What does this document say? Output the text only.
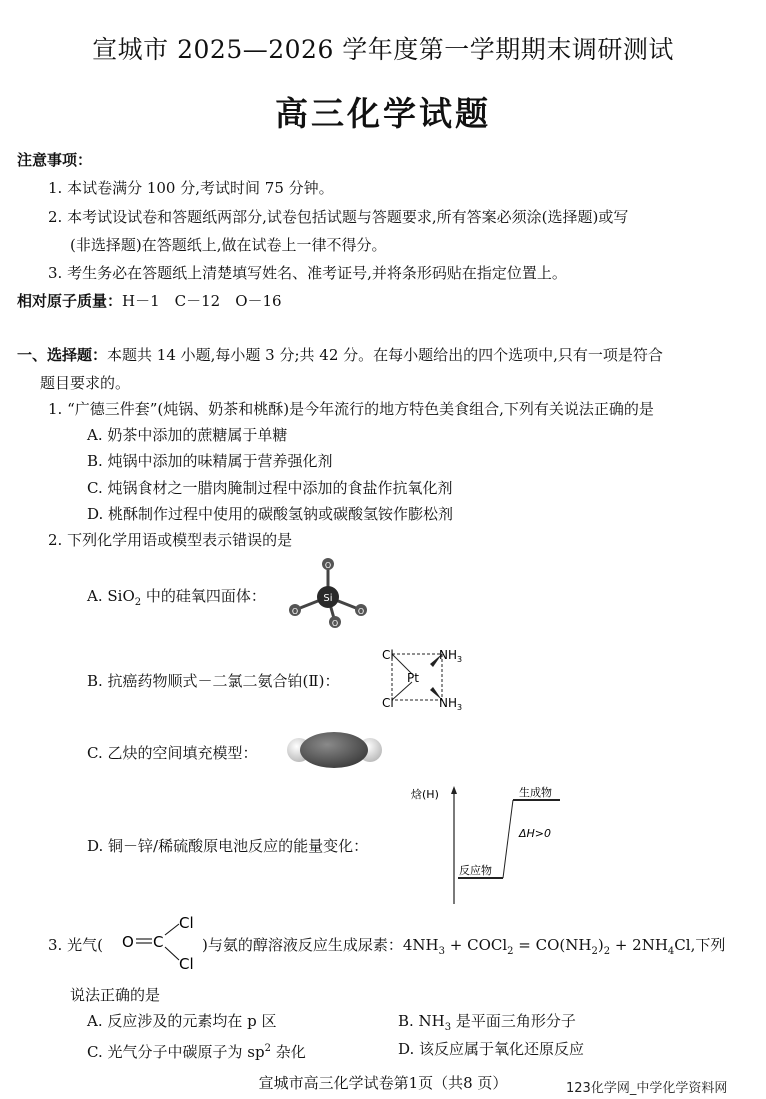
宣城市 2025—2026 学年度第一学期期末调研测试
高三化学试题
注意事项：
1. 本试卷满分 100 分,考试时间 75 分钟。
2. 本考试设试卷和答题纸两部分,试卷包括试题与答题要求,所有答案必须涂(选择题)或写
(非选择题)在答题纸上,做在试卷上一律不得分。
3. 考生务必在答题纸上清楚填写姓名、准考证号,并将条形码贴在指定位置上。
相对原子质量：H－1　C－12　O－16
一、选择题：本题共 14 小题,每小题 3 分;共 42 分。在每小题给出的四个选项中,只有一项是符合
题目要求的。
1. “广德三件套”(炖锅、奶茶和桃酥)是今年流行的地方特色美食组合,下列有关说法正确的是
A. 奶茶中添加的蔗糖属于单糖
B. 炖锅中添加的味精属于营养强化剂
C. 炖锅食材之一腊肉腌制过程中添加的食盐作抗氧化剂
D. 桃酥制作过程中使用的碳酸氢钠或碳酸氢铵作膨松剂
2. 下列化学用语或模型表示错误的是
A. SiO$_2$ 中的硅氧四面体：	Si
O
O	O
O
B. 抗癌药物顺式－二氯二氨合铂(Ⅱ)：
Cl
Cl
Pt
$NH_3$
$NH_3$
C. 乙炔的空间填充模型：
D. 铜－锌/稀硫酸原电池反应的能量变化：
焓(H)	生成物
反应物
ΔH>0
3. 光气( O C
Cl
Cl
)与氨的醇溶液反应生成尿素：$4NH_3$ + COCl$_2$ = $CO(NH_2)_2 + 2NH_4Cl$,下列
说法正确的是
A. 反应涉及的元素均在 p 区	B. $NH_3$ 是平面三角形分子
C. 光气分子中碳原子为 $sp^2$ 杂化	D. 该反应属于氧化还原反应
宣城市高三化学试卷第1页（共8 页）	123化学网_中学化学资料网
